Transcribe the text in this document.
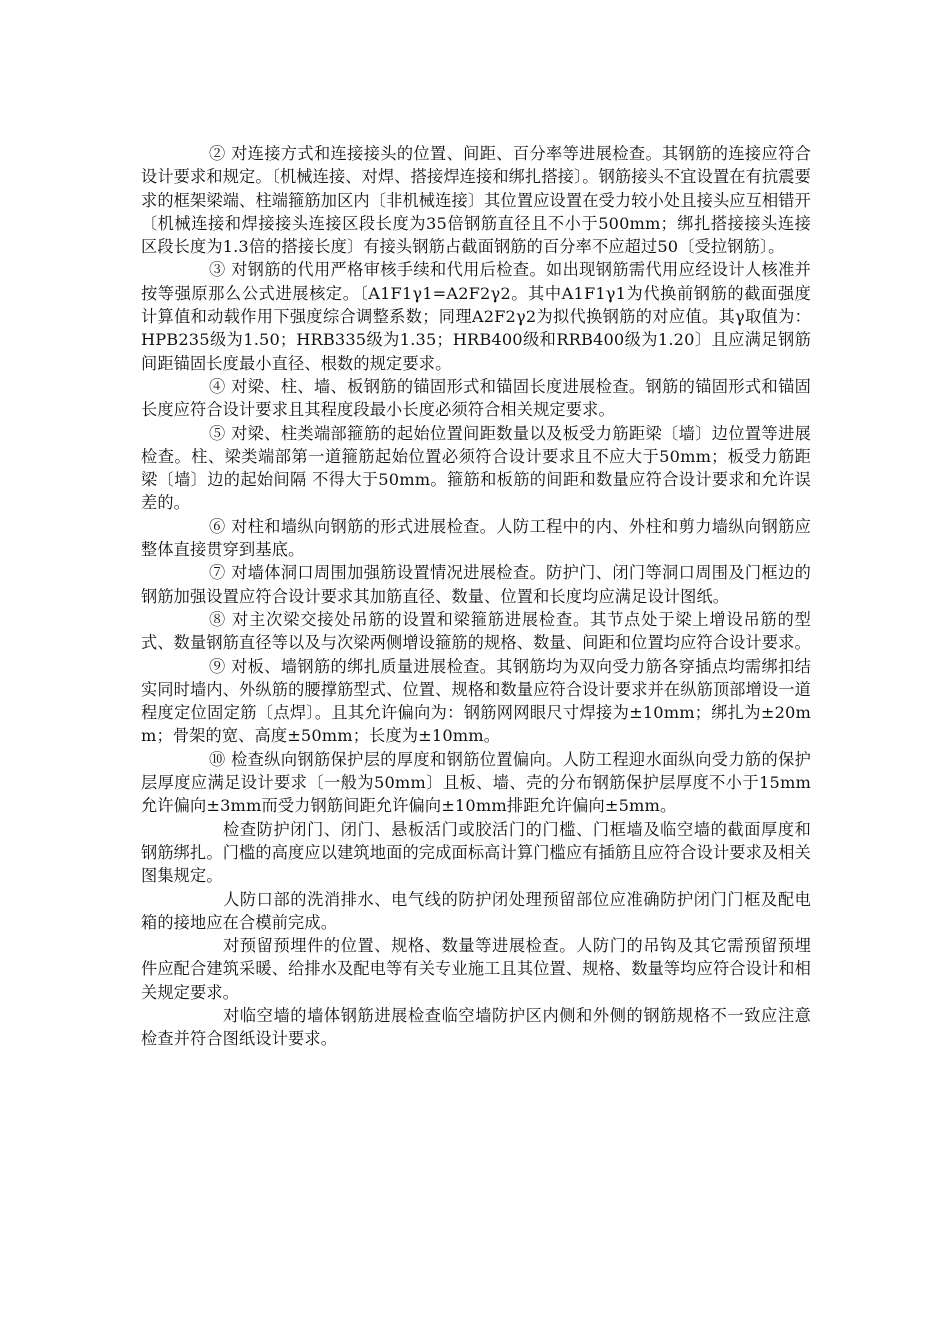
② 对连接方式和连接接头的位置、间距、百分率等进展检查。其钢筋的连接应符合设计要求和规定。〔机械连接、对焊、搭接焊连接和绑扎搭接〕。钢筋接头不宜设置在有抗震要求的框架梁端、柱端箍筋加区内〔非机械连接〕其位置应设置在受力较小处且接头应互相错开〔机械连接和焊接接头连接区段长度为35倍钢筋直径且不小于500mm；绑扎搭接接头连接区段长度为1.3倍的搭接长度〕有接头钢筋占截面钢筋的百分率不应超过50〔受拉钢筋〕。

③ 对钢筋的代用严格审核手续和代用后检查。如出现钢筋需代用应经设计人核准并按等强原那么公式进展核定。〔A1F1γ1=A2F2γ2。其中A1F1γ1为代换前钢筋的截面强度计算值和动载作用下强度综合调整系数；同理A2F2γ2为拟代换钢筋的对应值。其γ取值为：HPB235级为1.50；HRB335级为1.35；HRB400级和RRB400级为1.20〕且应满足钢筋间距锚固长度最小直径、根数的规定要求。

④ 对梁、柱、墙、板钢筋的锚固形式和锚固长度进展检查。钢筋的锚固形式和锚固长度应符合设计要求且其程度段最小长度必须符合相关规定要求。

⑤ 对梁、柱类端部箍筋的起始位置间距数量以及板受力筋距梁〔墙〕边位置等进展检查。柱、梁类端部第一道箍筋起始位置必须符合设计要求且不应大于50mm；板受力筋距梁〔墙〕边的起始间隔 不得大于50mm。箍筋和板筋的间距和数量应符合设计要求和允许误差的。

⑥ 对柱和墙纵向钢筋的形式进展检查。人防工程中的内、外柱和剪力墙纵向钢筋应整体直接贯穿到基底。

⑦ 对墙体洞口周围加强筋设置情况进展检查。防护门、闭门等洞口周围及门框边的钢筋加强设置应符合设计要求其加筋直径、数量、位置和长度均应满足设计图纸。

⑧ 对主次梁交接处吊筋的设置和梁箍筋进展检查。其节点处于梁上增设吊筋的型式、数量钢筋直径等以及与次梁两侧增设箍筋的规格、数量、间距和位置均应符合设计要求。

⑨ 对板、墙钢筋的绑扎质量进展检查。其钢筋均为双向受力筋各穿插点均需绑扣结实同时墙内、外纵筋的腰撑筋型式、位置、规格和数量应符合设计要求并在纵筋顶部增设一道程度定位固定筋〔点焊〕。且其允许偏向为：钢筋网网眼尺寸焊接为±10mm；绑扎为±20mm；骨架的宽、高度±50mm；长度为±10mm。

⑩ 检查纵向钢筋保护层的厚度和钢筋位置偏向。人防工程迎水面纵向受力筋的保护层厚度应满足设计要求〔一般为50mm〕且板、墙、壳的分布钢筋保护层厚度不小于15mm允许偏向±3mm而受力钢筋间距允许偏向±10mm排距允许偏向±5mm。

检查防护闭门、闭门、悬板活门或胶活门的门槛、门框墙及临空墙的截面厚度和钢筋绑扎。门槛的高度应以建筑地面的完成面标高计算门槛应有插筋且应符合设计要求及相关图集规定。

人防口部的洗消排水、电气线的防护闭处理预留部位应准确防护闭门门框及配电箱的接地应在合模前完成。

对预留预埋件的位置、规格、数量等进展检查。人防门的吊钩及其它需预留预埋件应配合建筑采暖、给排水及配电等有关专业施工且其位置、规格、数量等均应符合设计和相关规定要求。

对临空墙的墙体钢筋进展检查临空墙防护区内侧和外侧的钢筋规格不一致应注意检查并符合图纸设计要求。
